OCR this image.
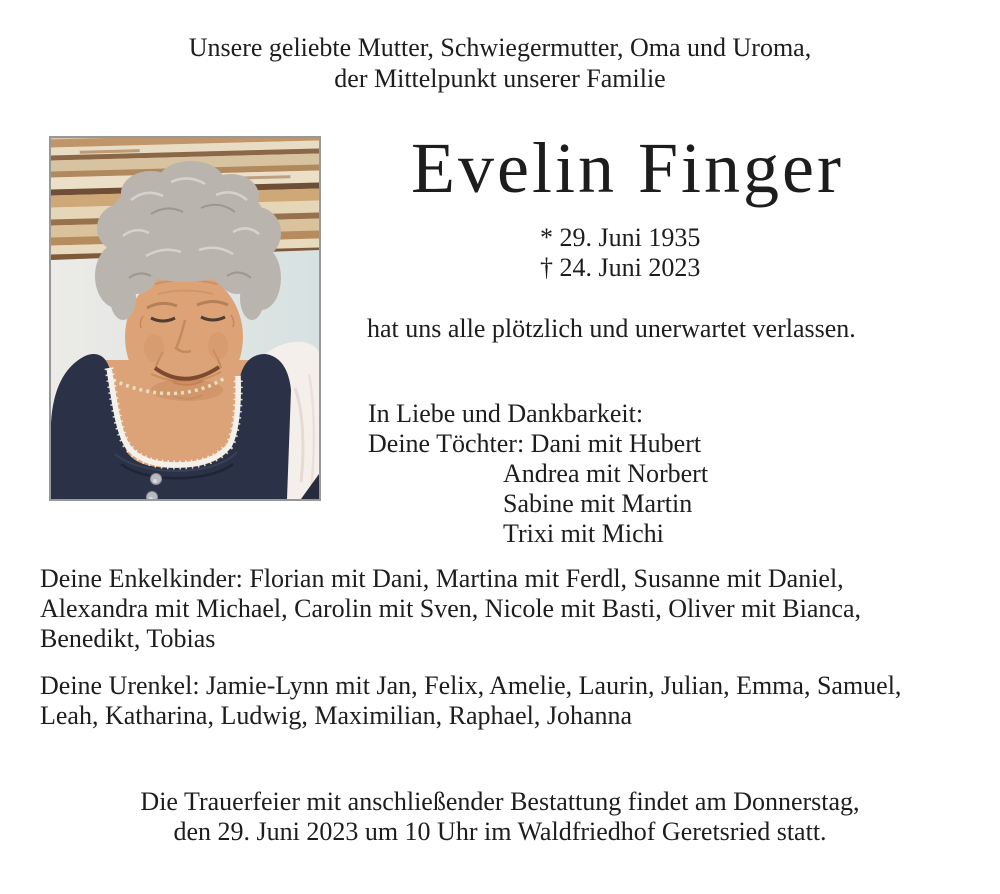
Unsere geliebte Mutter, Schwiegermutter, Oma und Uroma,
der Mittelpunkt unserer Familie
Evelin Finger
* 29. Juni 1935
† 24. Juni 2023
hat uns alle plötzlich und unerwartet verlassen.
In Liebe und Dankbarkeit:
Deine Töchter: Dani mit Hubert
Andrea mit Norbert
Sabine mit Martin
Trixi mit Michi
Deine Enkelkinder: Florian mit Dani, Martina mit Ferdl, Susanne mit Daniel,
Alexandra mit Michael, Carolin mit Sven, Nicole mit Basti, Oliver mit Bianca,
Benedikt, Tobias
Deine Urenkel: Jamie-Lynn mit Jan, Felix, Amelie, Laurin, Julian, Emma, Samuel,
Leah, Katharina, Ludwig, Maximilian, Raphael, Johanna
Die Trauerfeier mit anschließender Bestattung findet am Donnerstag,
den 29. Juni 2023 um 10 Uhr im Waldfriedhof Geretsried statt.
